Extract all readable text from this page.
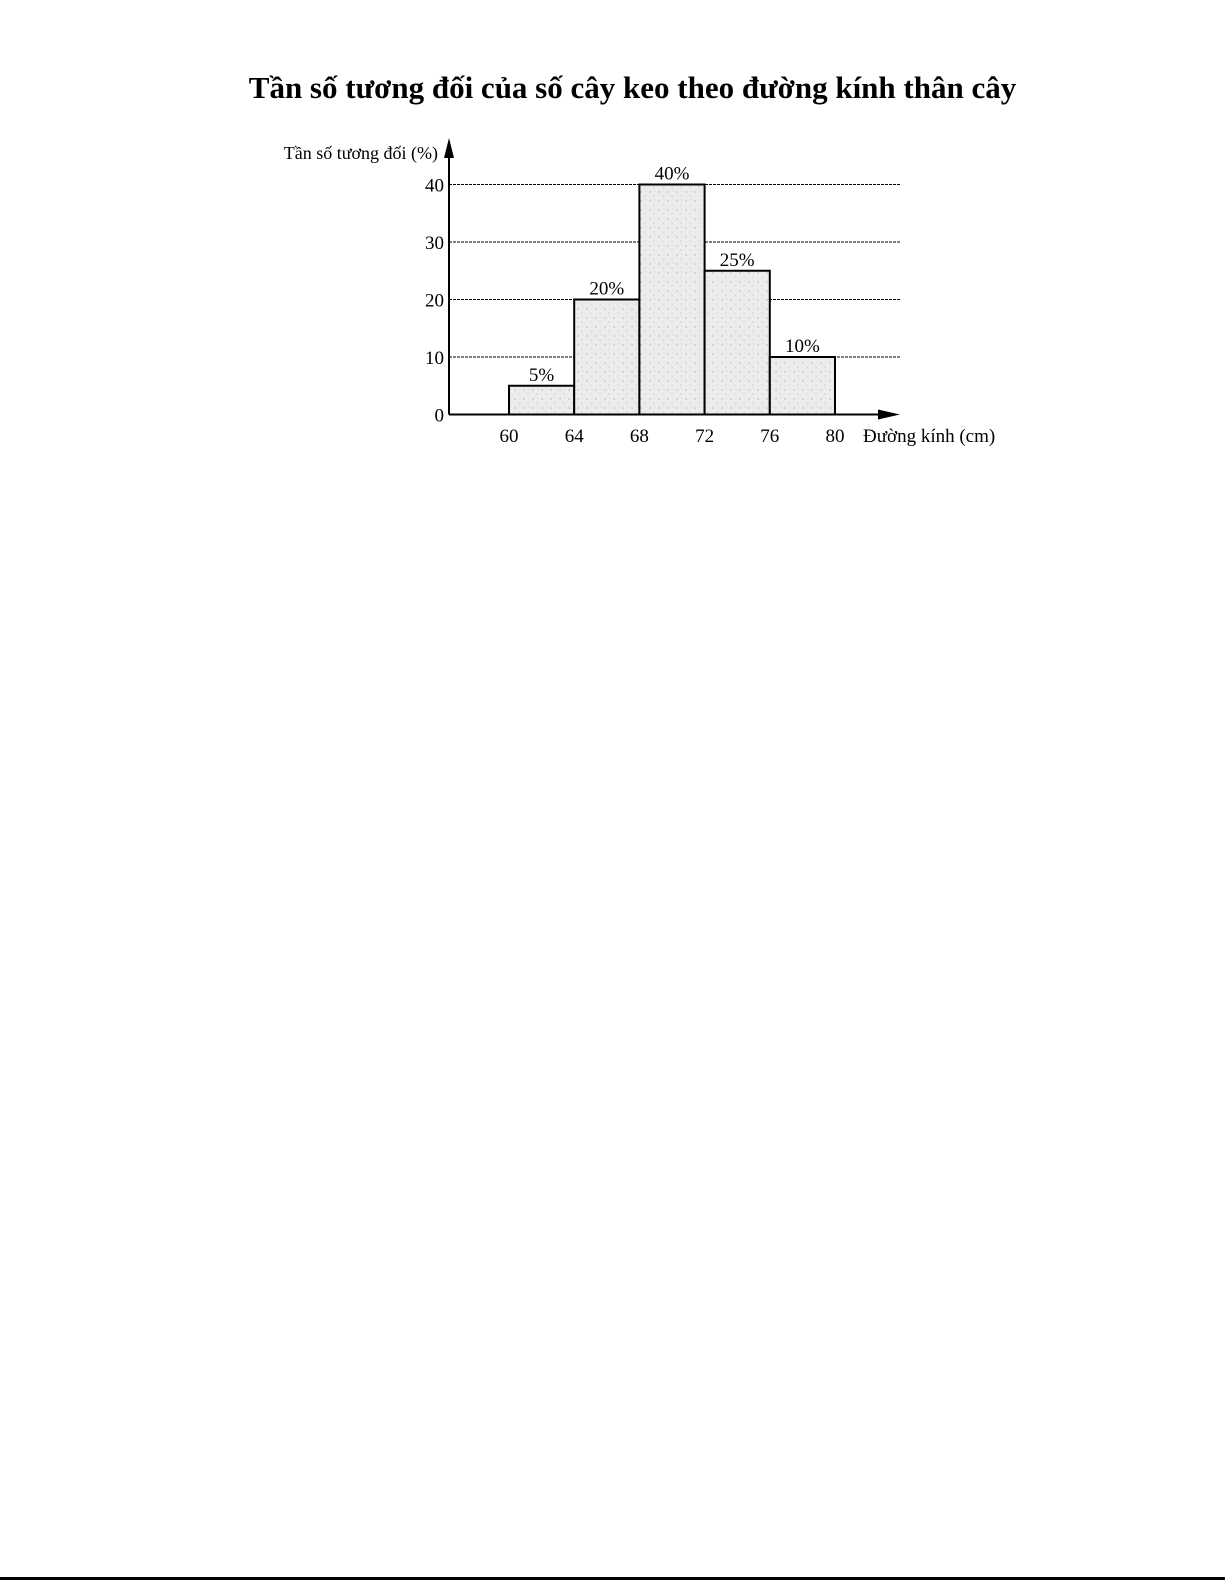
Tần số tương đối của số cây keo theo đường kính thân cây
5%
20%
40%
25%
10%
0
10
20
30
40
60 64 68 72 76 80
Tần số tương đối (%)
Đường kính (cm)
